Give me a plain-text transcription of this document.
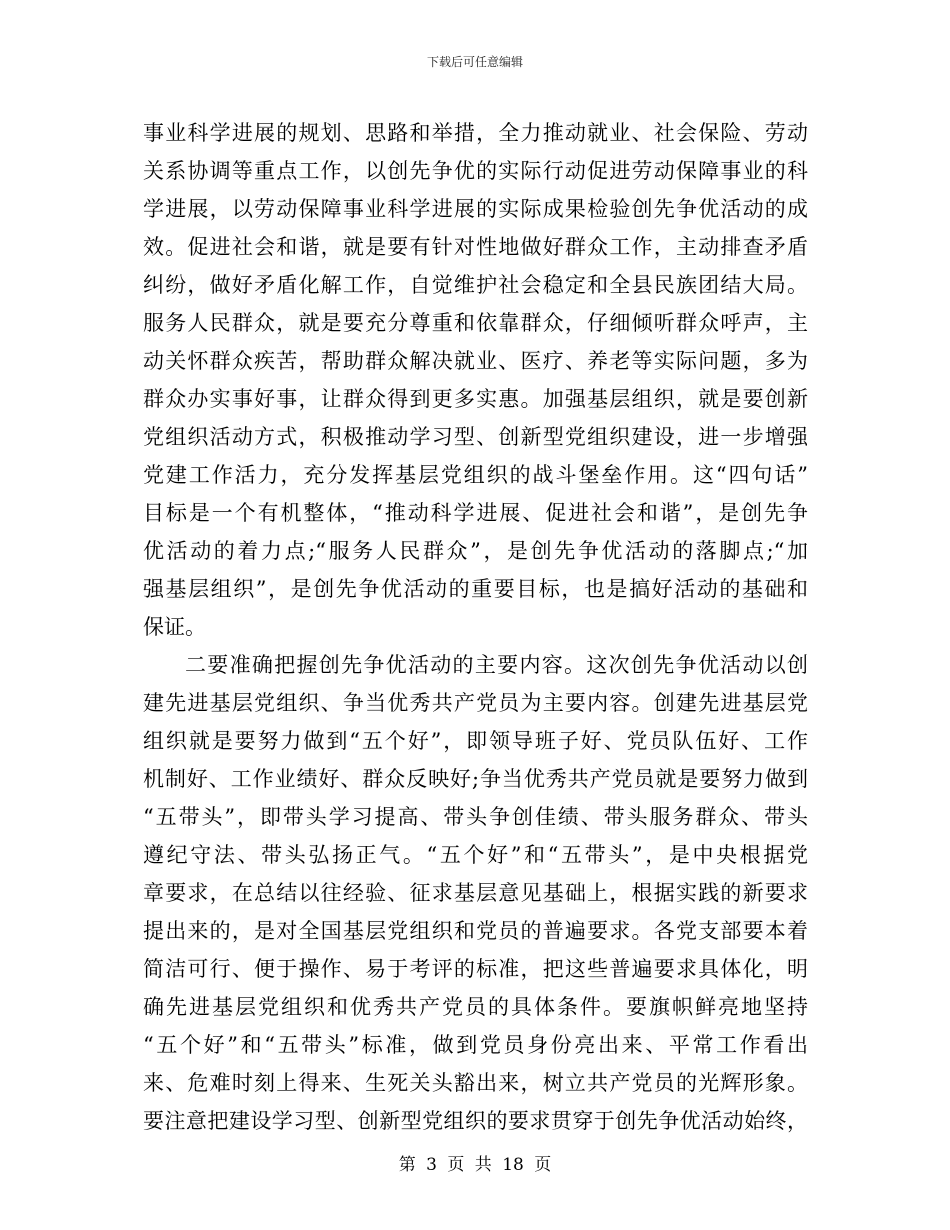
下载后可任意编辑
事业科学进展的规划、思路和举措，全力推动就业、社会保险、劳动
关系协调等重点工作，以创先争优的实际行动促进劳动保障事业的科
学进展，以劳动保障事业科学进展的实际成果检验创先争优活动的成
效。促进社会和谐，就是要有针对性地做好群众工作，主动排查矛盾
纠纷，做好矛盾化解工作，自觉维护社会稳定和全县民族团结大局。
服务人民群众，就是要充分尊重和依靠群众，仔细倾听群众呼声，主
动关怀群众疾苦，帮助群众解决就业、医疗、养老等实际问题，多为
群众办实事好事，让群众得到更多实惠。加强基层组织，就是要创新
党组织活动方式，积极推动学习型、创新型党组织建设，进一步增强
党建工作活力，充分发挥基层党组织的战斗堡垒作用。这“四句话”
目标是一个有机整体，“推动科学进展、促进社会和谐”，是创先争
优活动的着力点;“服务人民群众”，是创先争优活动的落脚点;“加
强基层组织”，是创先争优活动的重要目标，也是搞好活动的基础和
保证。
二要准确把握创先争优活动的主要内容。这次创先争优活动以创
建先进基层党组织、争当优秀共产党员为主要内容。创建先进基层党
组织就是要努力做到“五个好”，即领导班子好、党员队伍好、工作
机制好、工作业绩好、群众反映好;争当优秀共产党员就是要努力做到
“五带头”，即带头学习提高、带头争创佳绩、带头服务群众、带头
遵纪守法、带头弘扬正气。“五个好”和“五带头”，是中央根据党
章要求，在总结以往经验、征求基层意见基础上，根据实践的新要求
提出来的，是对全国基层党组织和党员的普遍要求。各党支部要本着
简洁可行、便于操作、易于考评的标准，把这些普遍要求具体化，明
确先进基层党组织和优秀共产党员的具体条件。要旗帜鲜亮地坚持
“五个好”和“五带头”标准，做到党员身份亮出来、平常工作看出
来、危难时刻上得来、生死关头豁出来，树立共产党员的光辉形象。
要注意把建设学习型、创新型党组织的要求贯穿于创先争优活动始终，
第 3 页 共 18 页
